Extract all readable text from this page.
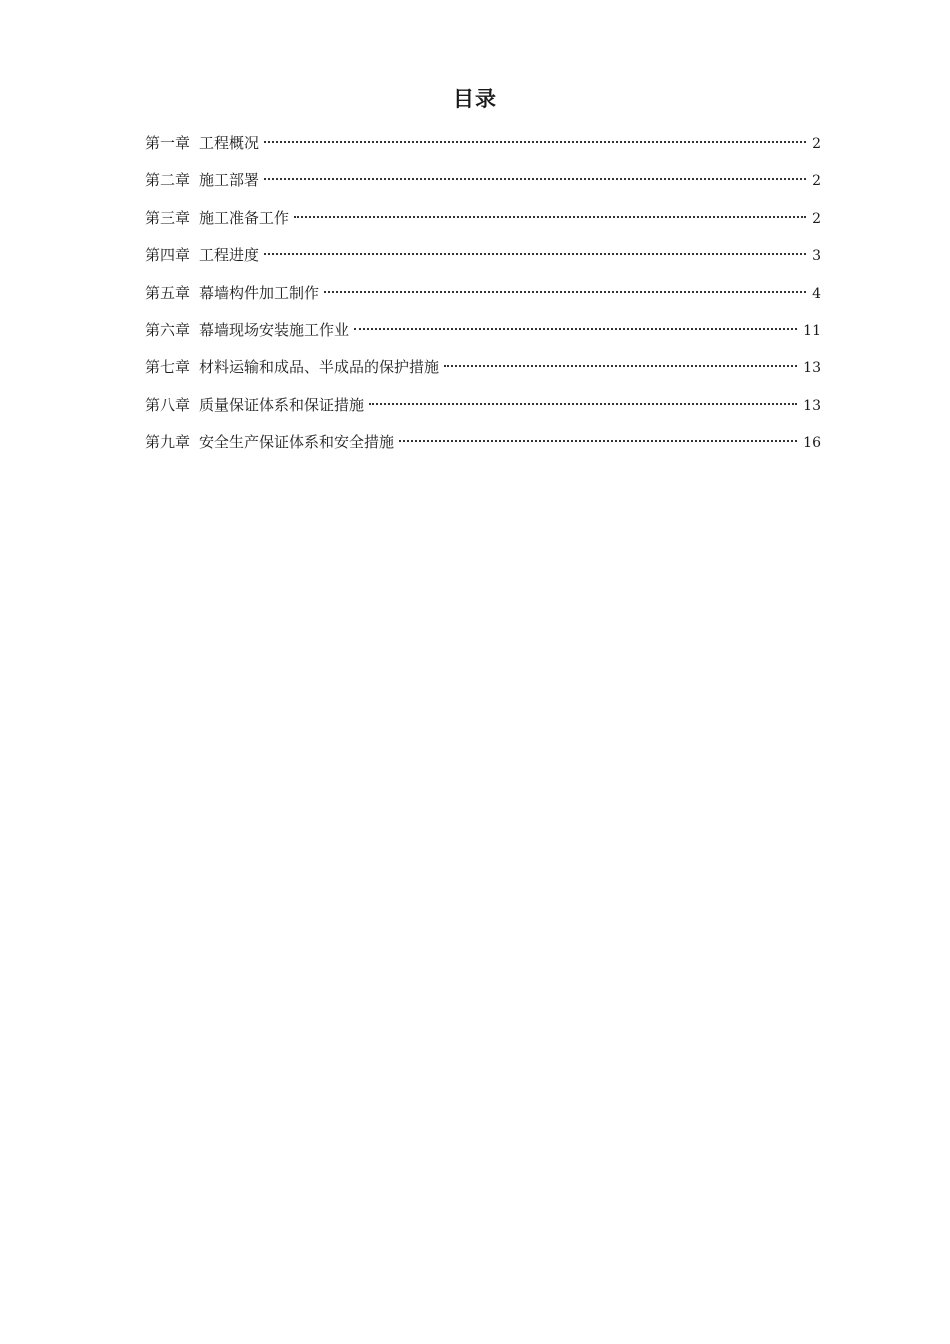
目录
第一章 工程概况	2
第二章 施工部署	2
第三章 施工准备工作	2
第四章 工程进度	3
第五章 幕墙构件加工制作	4
第六章 幕墙现场安装施工作业	11
第七章 材料运输和成品、半成品的保护措施	13
第八章 质量保证体系和保证措施	13
第九章 安全生产保证体系和安全措施	16
